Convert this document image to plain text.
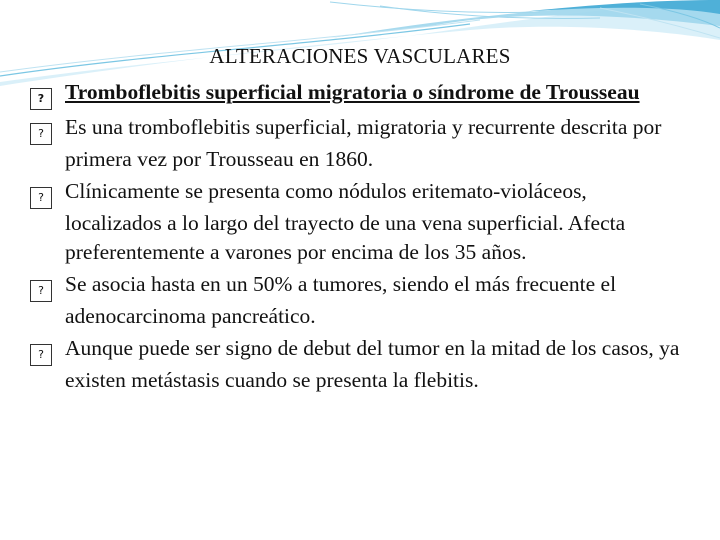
ALTERACIONES VASCULARES

? Tromboflebitis superficial migratoria o síndrome de Trousseau

? Es una tromboflebitis superficial, migratoria y recurrente descrita por primera vez por Trousseau en 1860.

? Clínicamente se presenta como nódulos eritemato-violáceos, localizados a lo largo del trayecto de una vena superficial. Afecta preferentemente a varones por encima de los 35 años.

? Se asocia hasta en un 50% a tumores, siendo el más frecuente el adenocarcinoma pancreático.

? Aunque puede ser signo de debut del tumor en la mitad de los casos, ya existen metástasis cuando se presenta la flebitis.
